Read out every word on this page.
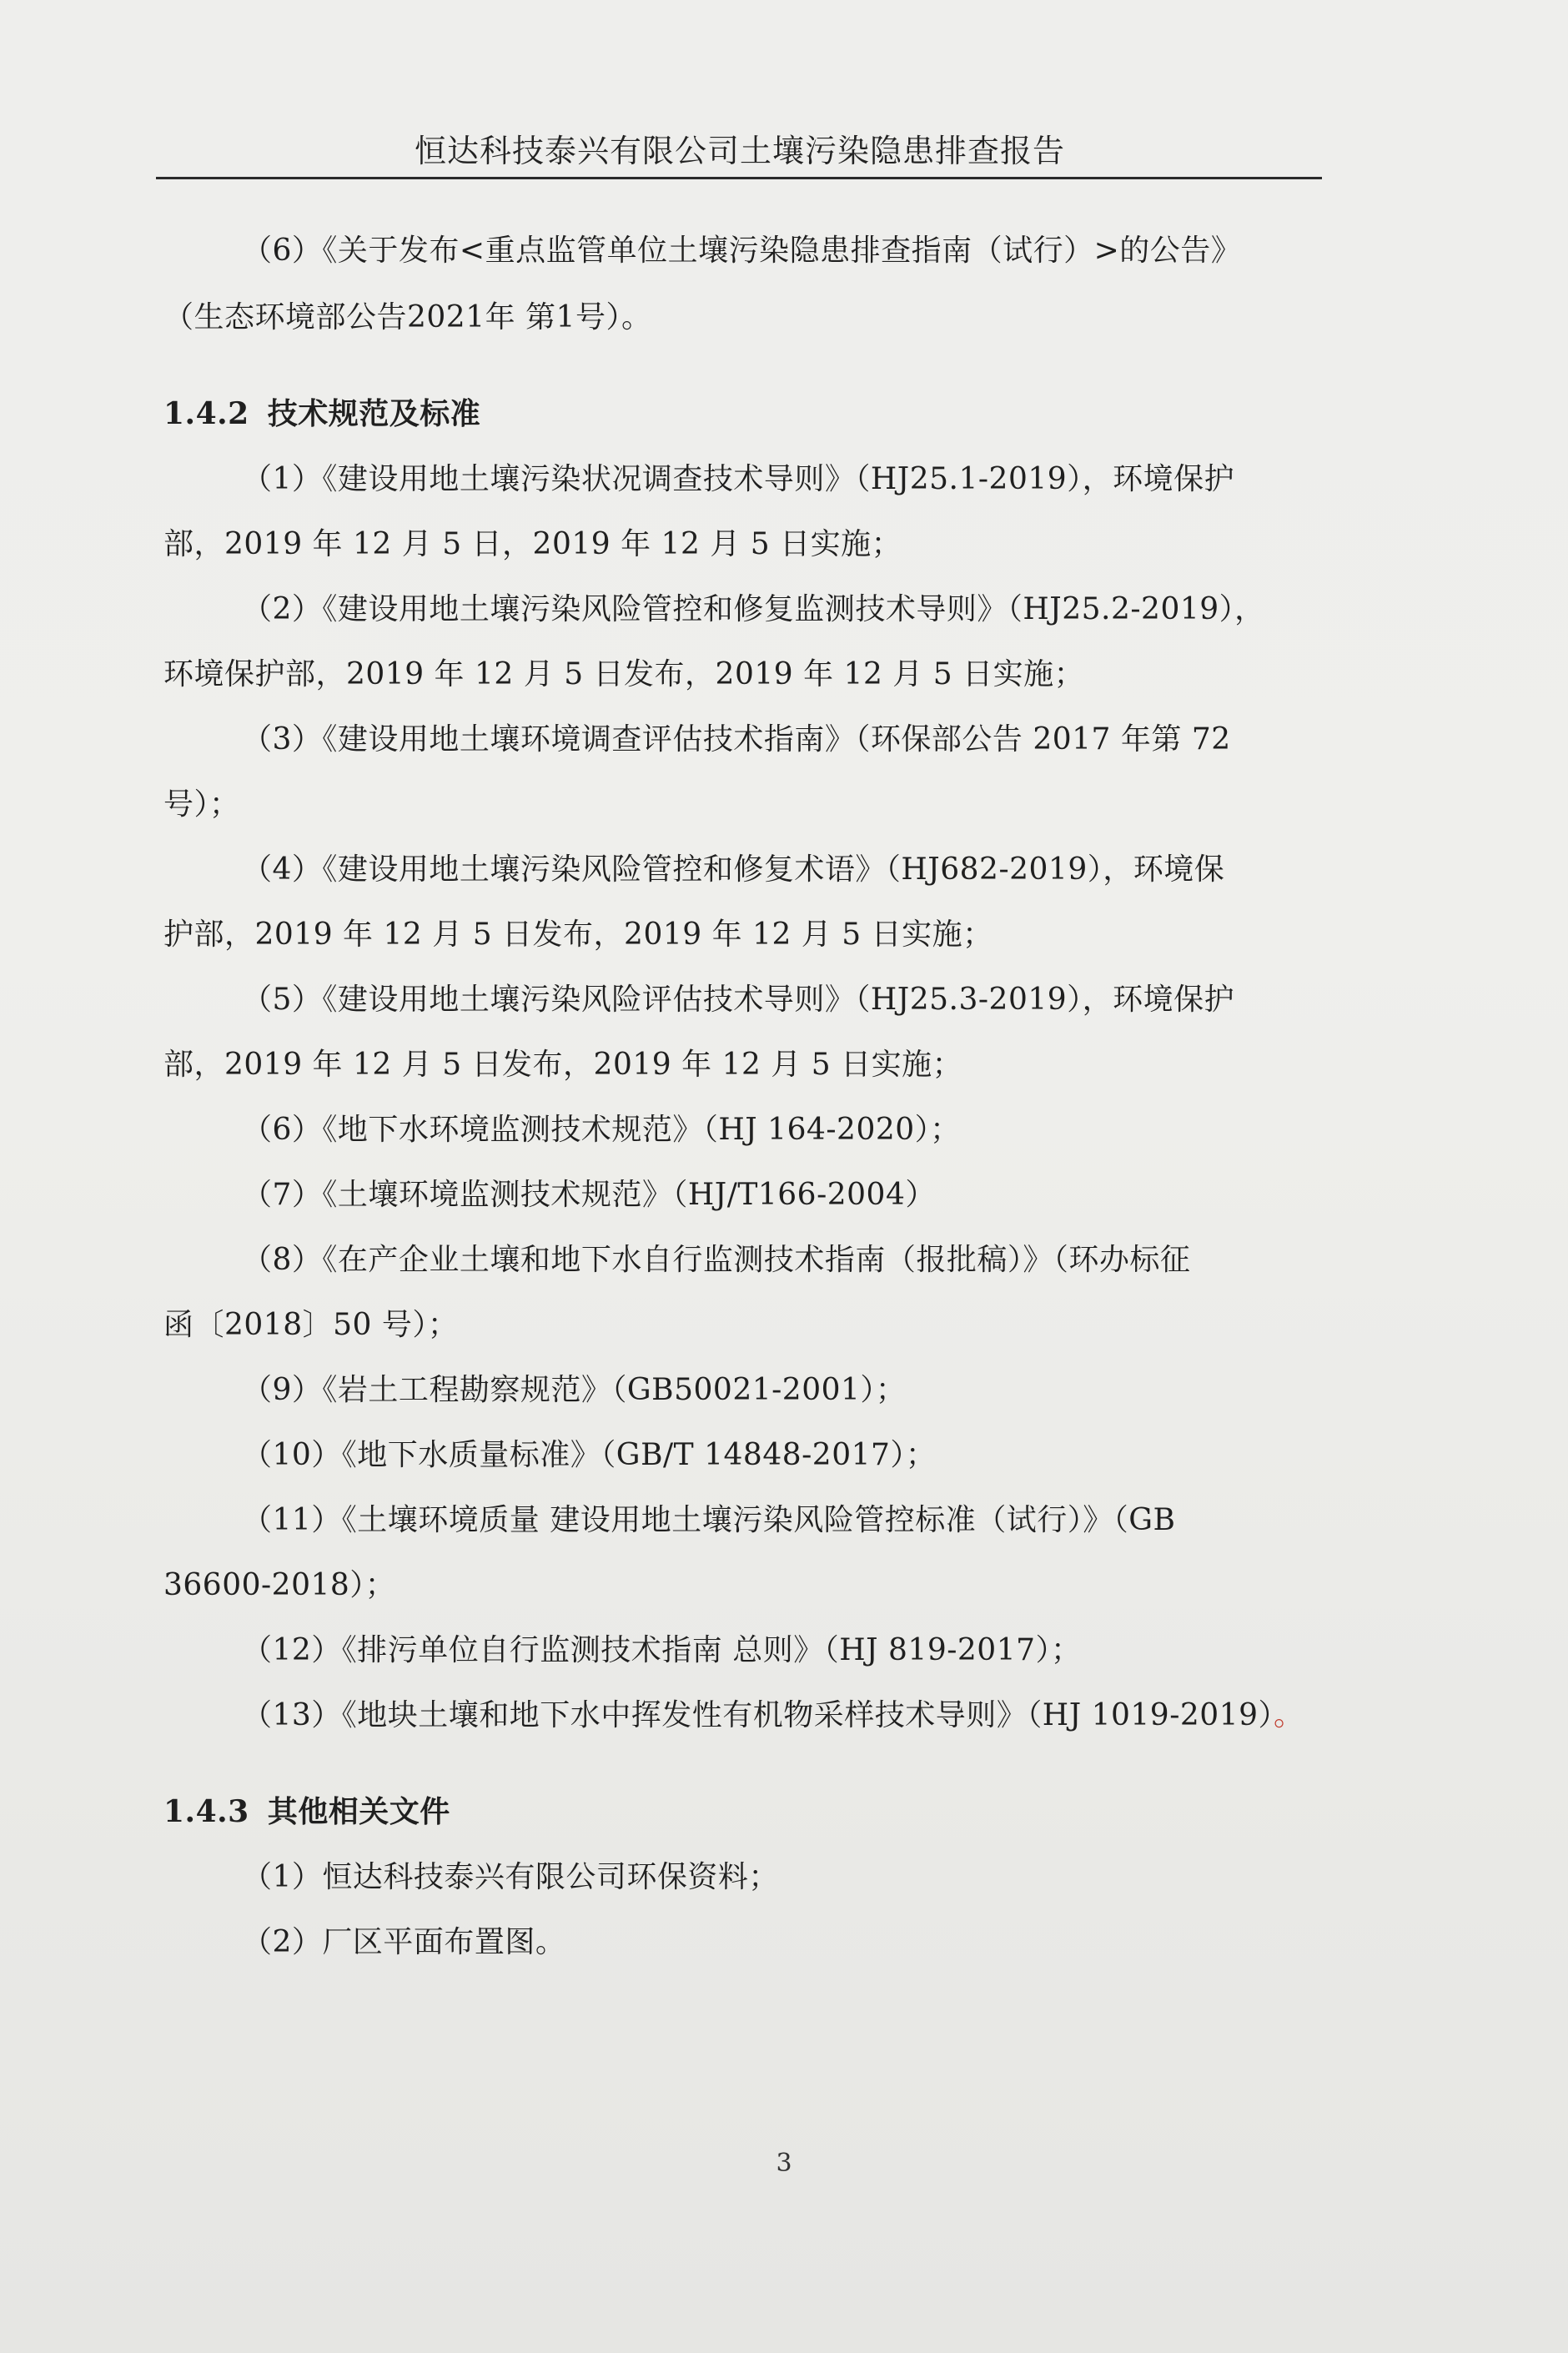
恒达科技泰兴有限公司土壤污染隐患排查报告
（6）《关于发布<重点监管单位土壤污染隐患排查指南（试行）>的公告》
（生态环境部公告2021年 第1号）。
1.4.2 技术规范及标准
（1）《建设用地土壤污染状况调查技术导则》（HJ25.1-2019），环境保护
部，2019 年 12 月 5 日，2019 年 12 月 5 日实施；
（2）《建设用地土壤污染风险管控和修复监测技术导则》（HJ25.2-2019），
环境保护部，2019 年 12 月 5 日发布，2019 年 12 月 5 日实施；
（3）《建设用地土壤环境调查评估技术指南》（环保部公告 2017 年第 72
号）；
（4）《建设用地土壤污染风险管控和修复术语》（HJ682-2019），环境保
护部，2019 年 12 月 5 日发布，2019 年 12 月 5 日实施；
（5）《建设用地土壤污染风险评估技术导则》（HJ25.3-2019），环境保护
部，2019 年 12 月 5 日发布，2019 年 12 月 5 日实施；
（6）《地下水环境监测技术规范》（HJ 164-2020）；
（7）《土壤环境监测技术规范》（HJ/T166-2004）
（8）《在产企业土壤和地下水自行监测技术指南（报批稿）》（环办标征
函〔2018〕50 号）；
（9）《岩土工程勘察规范》（GB50021-2001）；
（10）《地下水质量标准》（GB/T 14848-2017）；
（11）《土壤环境质量 建设用地土壤污染风险管控标准（试行）》（GB
36600-2018）；
（12）《排污单位自行监测技术指南 总则》（HJ 819-2017）；
（13）《地块土壤和地下水中挥发性有机物采样技术导则》（HJ 1019-2019）。
1.4.3 其他相关文件
（1）恒达科技泰兴有限公司环保资料；
（2）厂区平面布置图。
3
